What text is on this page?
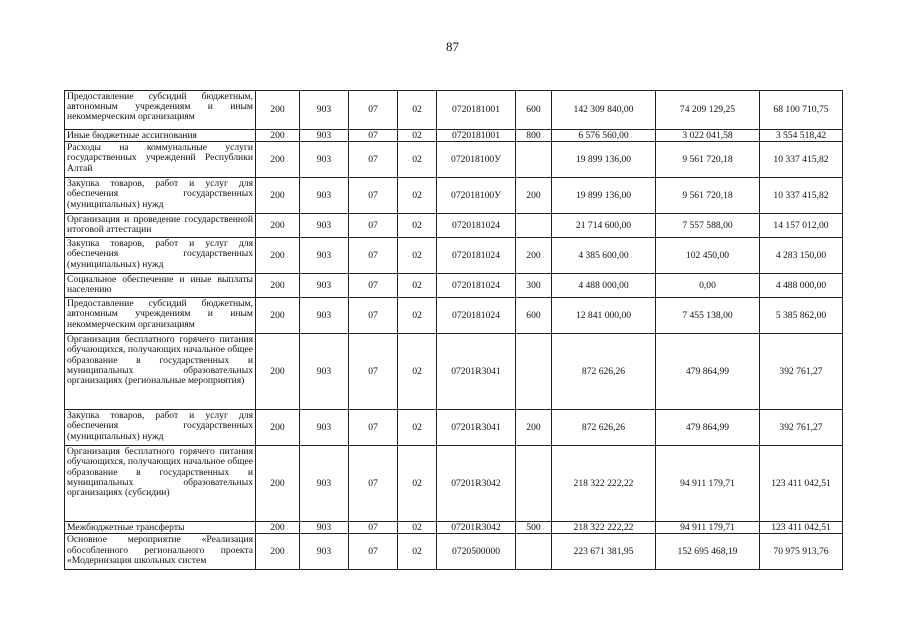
87
Предоставление субсидий бюджетным, автономным учреждениям и иным некоммерческим организациям	200	903	07	02	0720181001	600	142 309 840,00	74 209 129,25	68 100 710,75
Иные бюджетные ассигнования	200	903	07	02	0720181001	800	6 576 560,00	3 022 041,58	3 554 518,42
Расходы на коммунальные услуги государственных учреждений Республики Алтай	200	903	07	02	072018100У		19 899 136,00	9 561 720,18	10 337 415,82
Закупка товаров, работ и услуг для обеспечения государственных (муниципальных) нужд	200	903	07	02	072018100У	200	19 899 136,00	9 561 720,18	10 337 415,82
Организация и проведение государственной итоговой аттестации	200	903	07	02	0720181024		21 714 600,00	7 557 588,00	14 157 012,00
Закупка товаров, работ и услуг для обеспечения государственных (муниципальных) нужд	200	903	07	02	0720181024	200	4 385 600,00	102 450,00	4 283 150,00
Социальное обеспечение и иные выплаты населению	200	903	07	02	0720181024	300	4 488 000,00	0,00	4 488 000,00
Предоставление субсидий бюджетным, автономным учреждениям и иным некоммерческим организациям	200	903	07	02	0720181024	600	12 841 000,00	7 455 138,00	5 385 862,00
Организация бесплатного горячего питания обучающихся, получающих начальное общее образование в государственных и муниципальных образовательных организациях (региональные мероприятия)	200	903	07	02	07201R3041		872 626,26	479 864,99	392 761,27
Закупка товаров, работ и услуг для обеспечения государственных (муниципальных) нужд	200	903	07	02	07201R3041	200	872 626,26	479 864,99	392 761,27
Организация бесплатного горячего питания обучающихся, получающих начальное общее образование в государственных и муниципальных образовательных организациях (субсидии)	200	903	07	02	07201R3042		218 322 222,22	94 911 179,71	123 411 042,51
Межбюджетные трансферты	200	903	07	02	07201R3042	500	218 322 222,22	94 911 179,71	123 411 042,51
Основное мероприятие «Реализация обособленного регионального проекта «Модернизация школьных систем	200	903	07	02	0720500000		223 671 381,95	152 695 468,19	70 975 913,76
